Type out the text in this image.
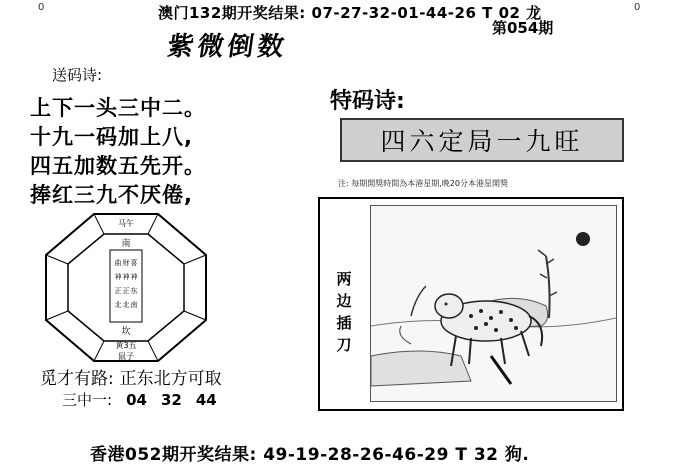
0	0
澳门132期开奖结果: 07-27-32-01-44-26 T 02 龙
第054期
紫微倒数
送码诗:
上下一头三中二。
十九一码加上八,
四五加数五先开。
捧红三九不厌倦,
南
坎
马午
黄3五
鼠子
曲神正北
财神正北
喜神东南
觅才有路: 正东北方可取
三中一: 04 32 44
特码诗:
四六定局一九旺
注: 每期開獎時間為本港星期,晚20分本港星開獎
两
边
插
刀
香港052期开奖结果: 49-19-28-26-46-29 T 32 狗.
